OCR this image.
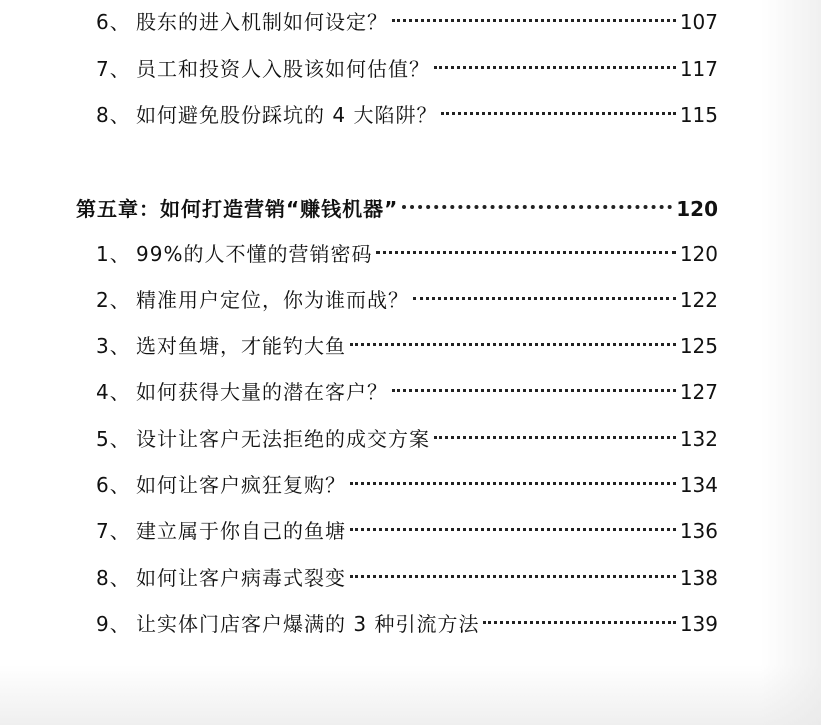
6、 股东的进入机制如何设定？	107
7、 员工和投资人入股该如何估值？	117
8、 如何避免股份踩坑的 4 大陷阱？	115
第五章：如何打造营销“赚钱机器”	120
1、 99%的人不懂的营销密码	120
2、 精准用户定位，你为谁而战？	122
3、 选对鱼塘，才能钓大鱼	125
4、 如何获得大量的潜在客户？	127
5、 设计让客户无法拒绝的成交方案	132
6、 如何让客户疯狂复购？	134
7、 建立属于你自己的鱼塘	136
8、 如何让客户病毒式裂变	138
9、 让实体门店客户爆满的 3 种引流方法	139
